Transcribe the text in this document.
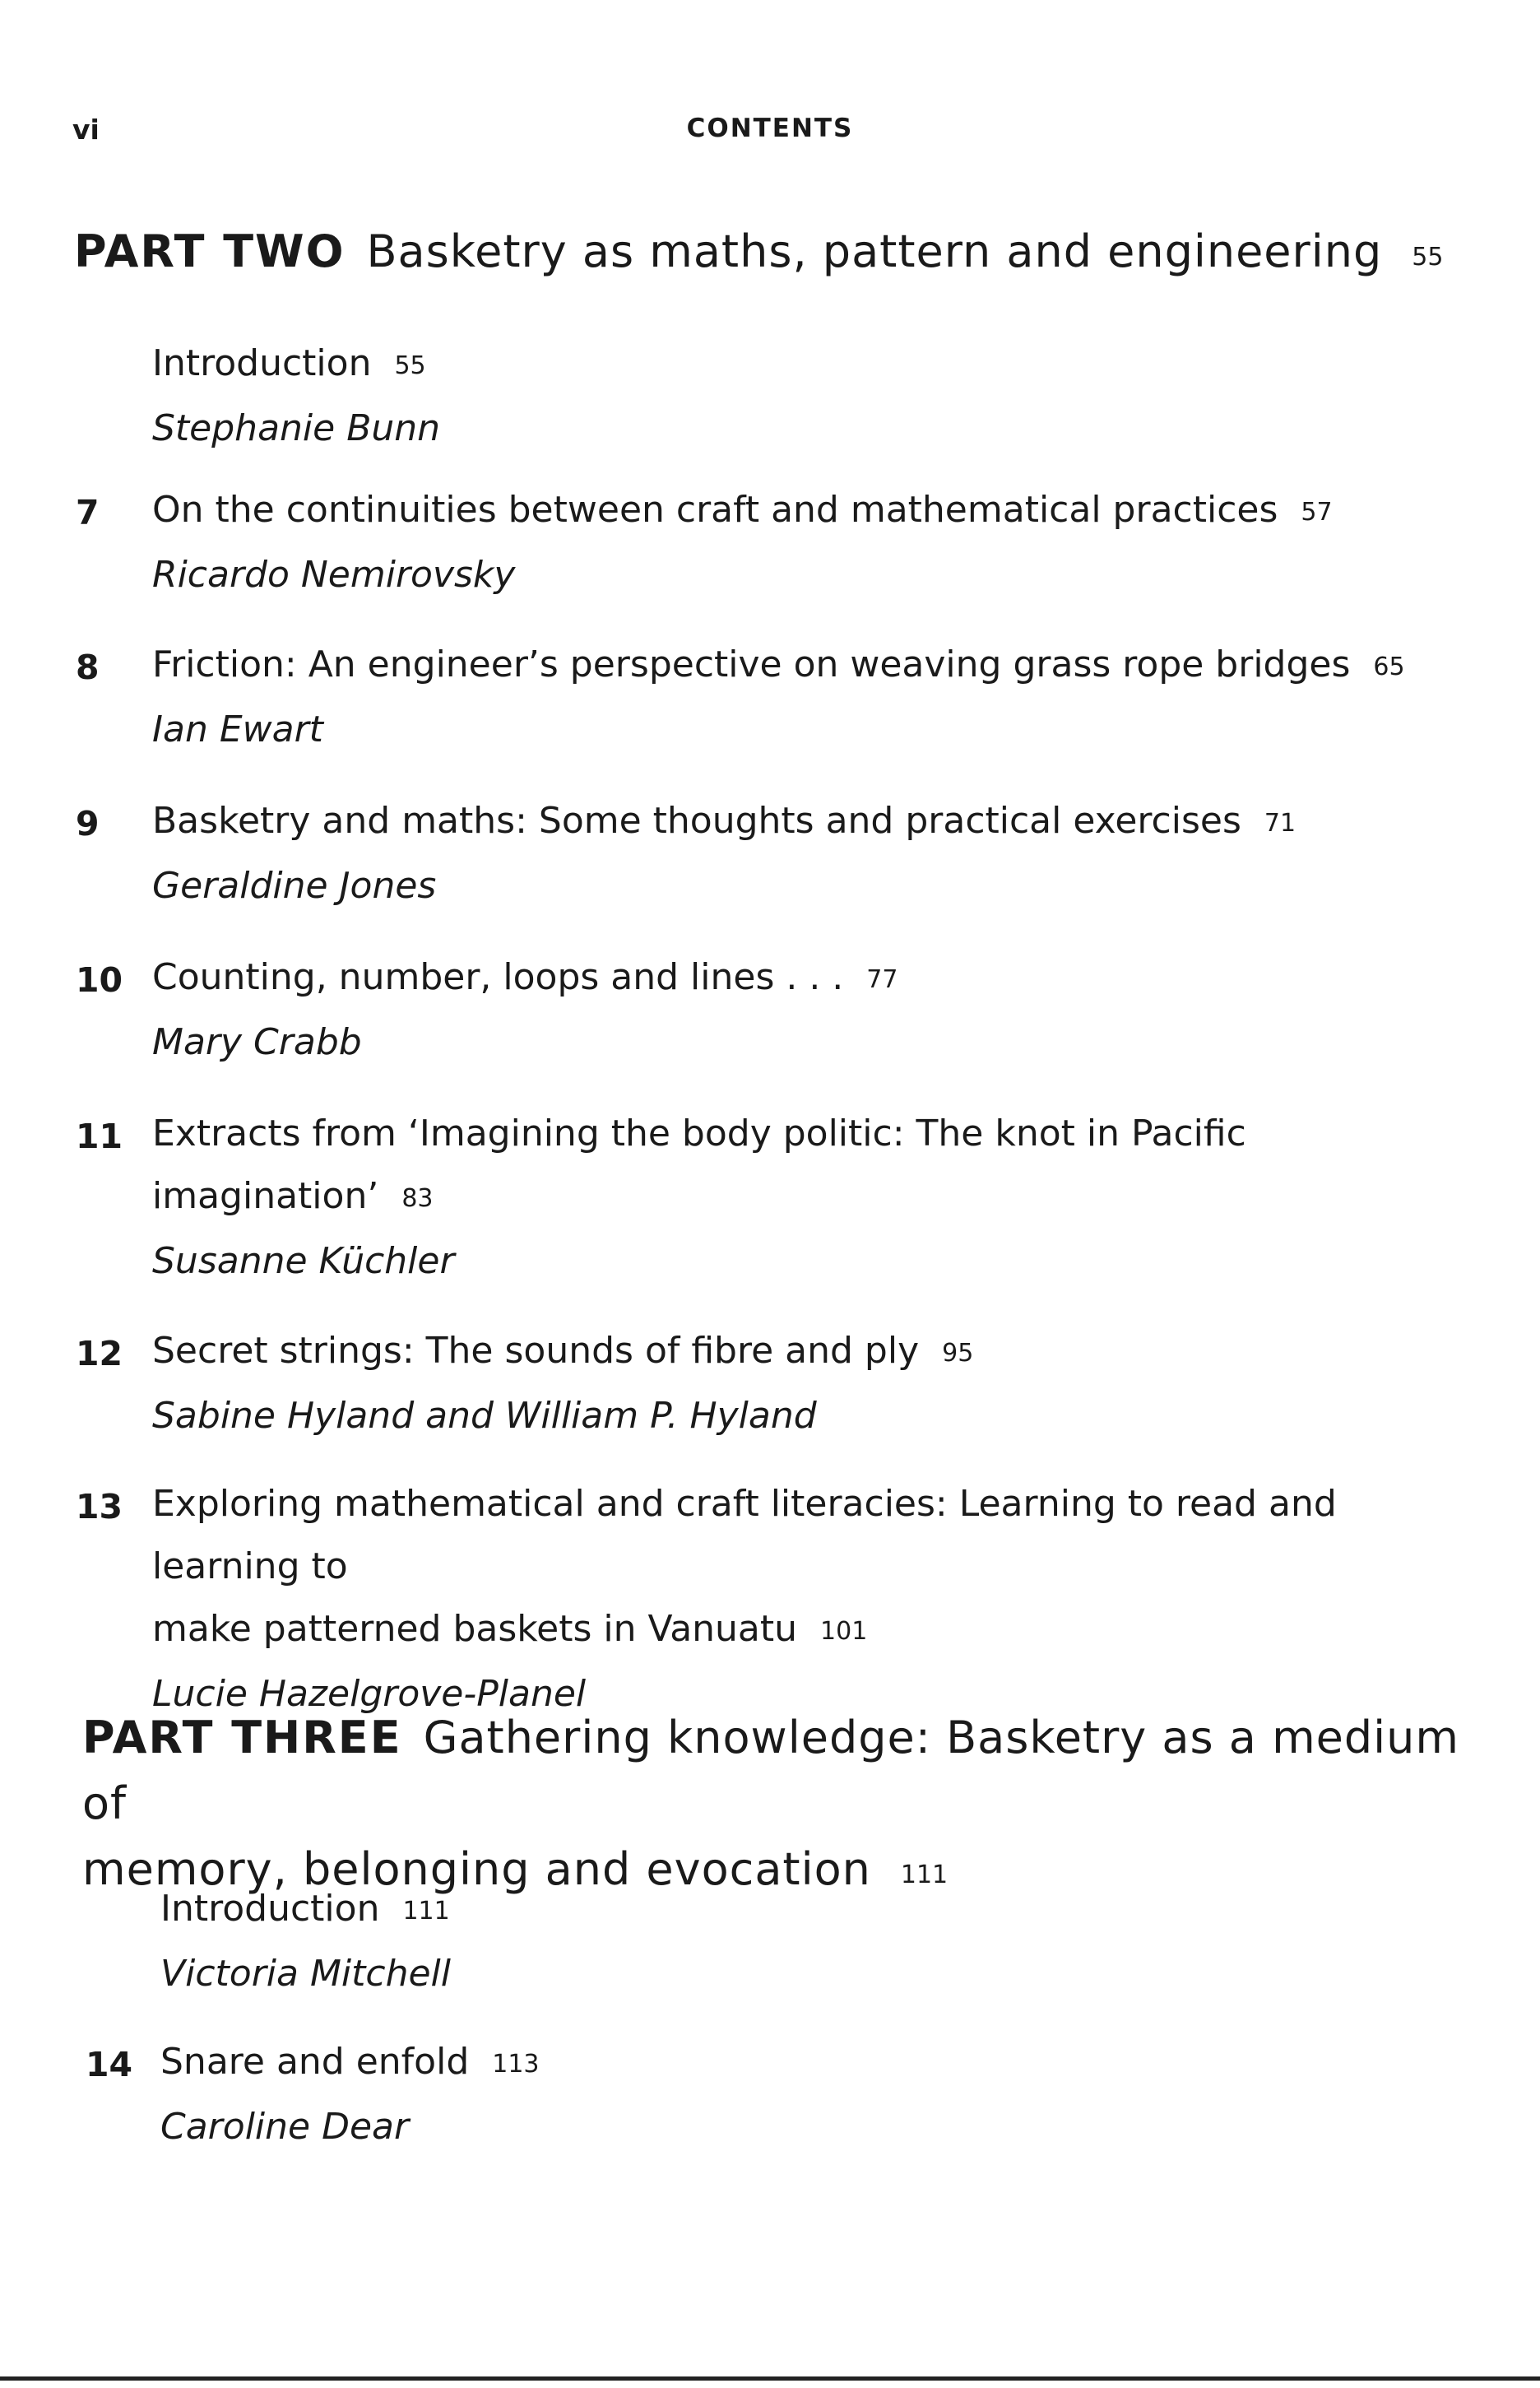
vi	CONTENTS
PART TWO Basketry as maths, pattern and engineering 55
Introduction 55
Stephanie Bunn
7	On the continuities between craft and mathematical practices 57
Ricardo Nemirovsky
8	Friction: An engineer’s perspective on weaving grass rope bridges 65
Ian Ewart
9	Basketry and maths: Some thoughts and practical exercises 71
Geraldine Jones
10 Counting, number, loops and lines . . . 77
Mary Crabb
11 Extracts from ‘Imagining the body politic: The knot in Pacific
imagination’ 83
Susanne Küchler
12 Secret strings: The sounds of fibre and ply 95
Sabine Hyland and William P. Hyland
13 Exploring mathematical and craft literacies: Learning to read and learning to
make patterned baskets in Vanuatu 101
Lucie Hazelgrove-Planel
PART THREE Gathering knowledge: Basketry as a medium of
memory, belonging and evocation 111
Introduction 111
Victoria Mitchell
14 Snare and enfold 113
Caroline Dear
